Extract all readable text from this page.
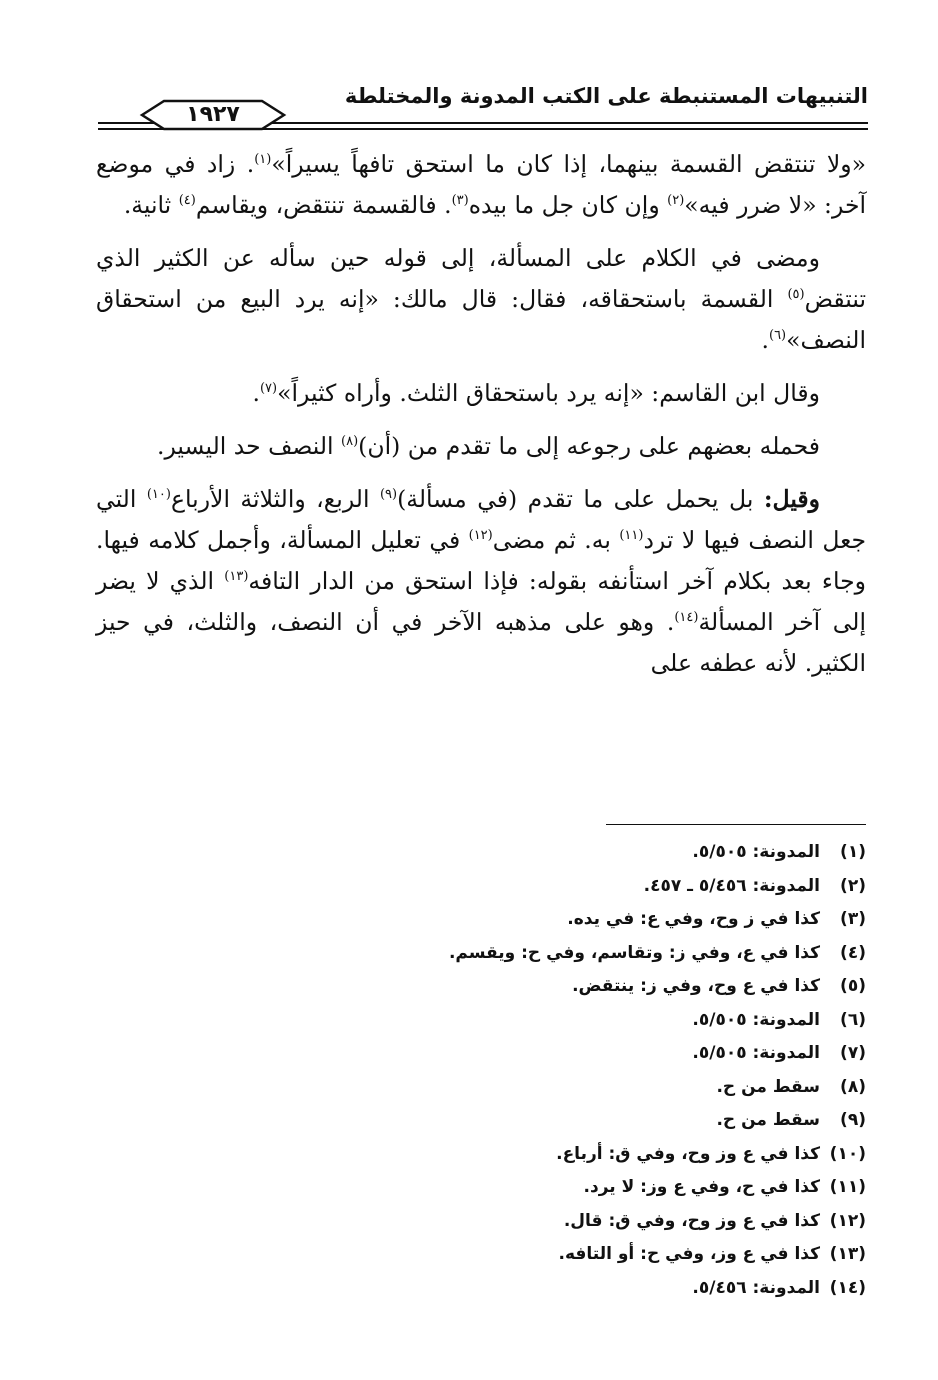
التنبيهات المستنبطة على الكتب المدونة والمختلطة
١٩٢٧

«ولا تنتقض القسمة بينهما، إذا كان ما استحق تافهاً يسيراً»$^{(١)}$. زاد في موضع آخر: «لا ضرر فيه»$^{(٢)}$ وإن كان جل ما بيده$^{(٣)}$. فالقسمة تنتقض، ويقاسم$^{(٤)}$ ثانية.

ومضى في الكلام على المسألة، إلى قوله حين سأله عن الكثير الذي تنتقض$^{(٥)}$ القسمة باستحقاقه، فقال: قال مالك: «إنه يرد البيع من استحقاق النصف»$^{(٦)}$.

وقال ابن القاسم: «إنه يرد باستحقاق الثلث. وأراه كثيراً»$^{(٧)}$.

فحمله بعضهم على رجوعه إلى ما تقدم من (أن)$^{(٨)}$ النصف حد اليسير.

وقيل: بل يحمل على ما تقدم (في مسألة)$^{(٩)}$ الربع، والثلاثة الأرباع$^{(١٠)}$ التي جعل النصف فيها لا ترد$^{(١١)}$ به. ثم مضى$^{(١٢)}$ في تعليل المسألة، وأجمل كلامه فيها. وجاء بعد بكلام آخر استأنفه بقوله: فإذا استحق من الدار التافه$^{(١٣)}$ الذي لا يضر إلى آخر المسألة$^{(١٤)}$. وهو على مذهبه الآخر في أن النصف، والثلث، في حيز الكثير. لأنه عطفه على

(١)المدونة: ٥/٥٠٥.
(٢)المدونة: ٥/٤٥٦ ـ ٤٥٧.
(٣)كذا في ز وح، وفي ع: في يده.
(٤)كذا في ع، وفي ز: وتقاسم، وفي ح: ويقسم.
(٥)كذا في ع وح، وفي ز: ينتقض.
(٦)المدونة: ٥/٥٠٥.
(٧)المدونة: ٥/٥٠٥.
(٨)سقط من ح.
(٩)سقط من ح.
(١٠)كذا في ع وز وح، وفي ق: أرباع.
(١١)كذا في ح، وفي ع وز: لا يرد.
(١٢)كذا في ع وز وح، وفي ق: قال.
(١٣)كذا في ع وز، وفي ح: أو التافه.
(١٤)المدونة: ٥/٤٥٦.
